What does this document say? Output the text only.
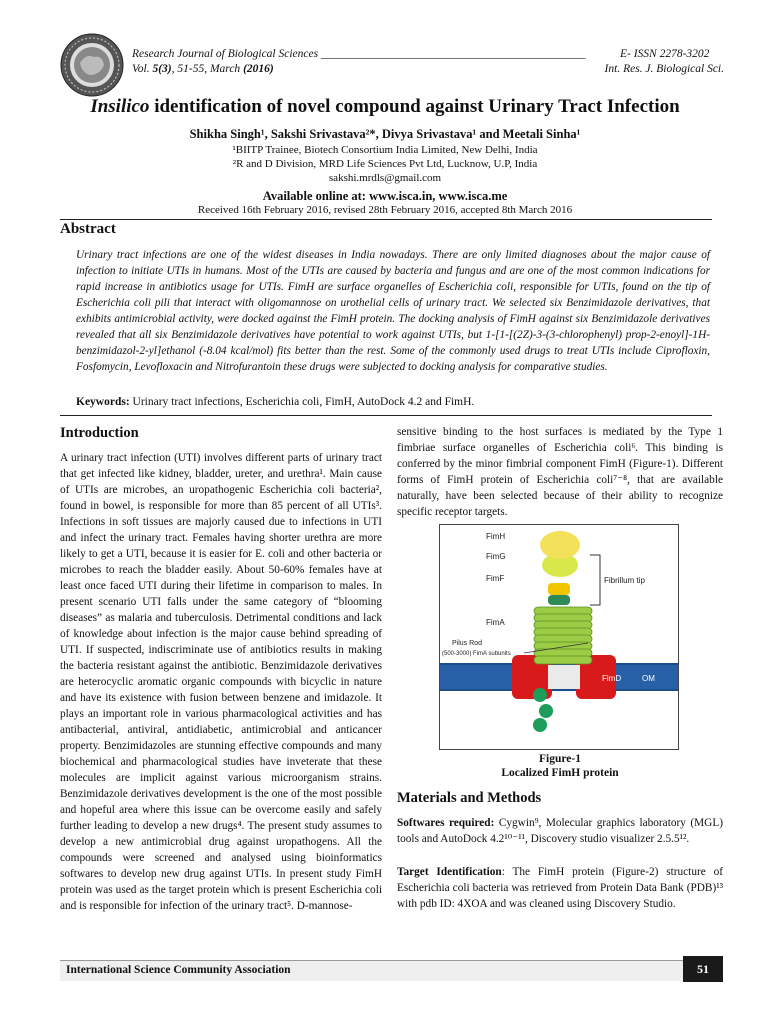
Research Journal of Biological Sciences ______________________________________________	E- ISSN 2278-3202
Vol. 5(3), 51-55, March (2016)	Int. Res. J. Biological Sci.
Insilico identification of novel compound against Urinary Tract Infection
Shikha Singh¹, Sakshi Srivastava²*, Divya Srivastava¹ and Meetali Sinha¹
¹BIITP Trainee, Biotech Consortium India Limited, New Delhi, India
²R and D Division, MRD Life Sciences Pvt Ltd, Lucknow, U.P, India
sakshi.mrdls@gmail.com
Available online at: www.isca.in, www.isca.me
Received 16th February 2016, revised 28th February 2016, accepted 8th March 2016
Abstract
Urinary tract infections are one of the widest diseases in India nowadays. There are only limited diagnoses about the major cause of infection to initiate UTIs in humans. Most of the UTIs are caused by bacteria and fungus and are one of the most common indications for rapid increase in antibiotics usage for UTIs. FimH are surface organelles of Escherichia coli, responsible for UTIs, found on the tip of Escherichia coli pili that interact with oligomannose on urothelial cells of urinary tract. We selected six Benzimidazole derivatives, that exhibits antimicrobial activity, were docked against the FimH protein. The docking analysis of FimH against six Benzimidazole derivatives revealed that all six Benzimidazole derivatives have potential to work against UTIs, but 1-[1-[(2Z)-3-(3-chlorophenyl) prop-2-enoyl]-1H-benzimidazol-2-yl]ethanol (-8.04 kcal/mol) fits better than the rest. Some of the commonly used drugs to treat UTIs include Ciprofloxin, Fosfomycin, Levofloxacin and Nitrofurantoin these drugs were subjected to docking analysis for comparative studies.
Keywords: Urinary tract infections, Escherichia coli, FimH, AutoDock 4.2 and FimH.
Introduction
A urinary tract infection (UTI) involves different parts of urinary tract that get infected like kidney, bladder, ureter, and urethra¹. Main cause of UTIs are microbes, an uropathogenic Escherichia coli bacteria², found in bowel, is responsible for more than 85 percent of all UTIs³. Infections in soft tissues are majorly caused due to infections in UTI and infect the urinary tract. Females having shorter urethra are more likely to get a UTI, because it is easier for E. coli and other bacteria or microbes to reach the bladder easily. About 50-60% females have at least once faced UTI during their lifetime in comparison to males. In present scenario UTI falls under the same category of “blooming diseases” as malaria and tuberculosis. Detrimental conditions and lack of knowledge about infection is the major cause behind spreading of UTI. If suspected, indiscriminate use of antibiotics results in making the bacteria resistant against the antibiotic. Benzimidazole derivatives are heterocyclic aromatic organic compounds with bicyclic in nature and have its existence with fusion between benzene and imidazole. It plays an important role in various pharmacological activities and has antibacterial, antiviral, antidiabetic, antimicrobial and anticancer property. Benzimidazoles are stunning effective compounds and many biochemical and pharmacological studies have inveterate that these molecules are implicit against various microorganism strains. Benzimidazole derivatives development is the one of the most possible and hopeful area where this issue can be overcome easily and safely further leading to develop a new drugs⁴. The present study assumes to develop a new antimicrobial drug against uropathogens. All the compounds were screened and analysed using bioinformatics softwares to develop new drug against UTIs. In present study FimH protein was used as the target protein which is present Escherichia coli and is responsible for infection of the urinary tract⁵. D-mannose-
sensitive binding to the host surfaces is mediated by the Type 1 fimbriae surface organelles of Escherichia coli⁶. This binding is conferred by the minor fimbrial component FimH (Figure-1). Different forms of FimH protein of Escherichia coli⁷⁻⁸, that are available naturally, have been selected because of their ability to recognize specific receptor targets.
FimH
FimG
FimF	Fibrillum tip
FimA
Pilus Rod
(500-3000) FimA subunits
FimD	OM
Figure-1
Localized FimH protein
Materials and Methods
Softwares required: Cygwin⁹, Molecular graphics laboratory (MGL) tools and AutoDock 4.2¹⁰⁻¹¹, Discovery studio visualizer 2.5.5¹².
Target Identification: The FimH protein (Figure-2) structure of Escherichia coli bacteria was retrieved from Protein Data Bank (PDB)¹³ with pdb ID: 4XOA and was cleaned using Discovery Studio.
International Science Community Association	51
